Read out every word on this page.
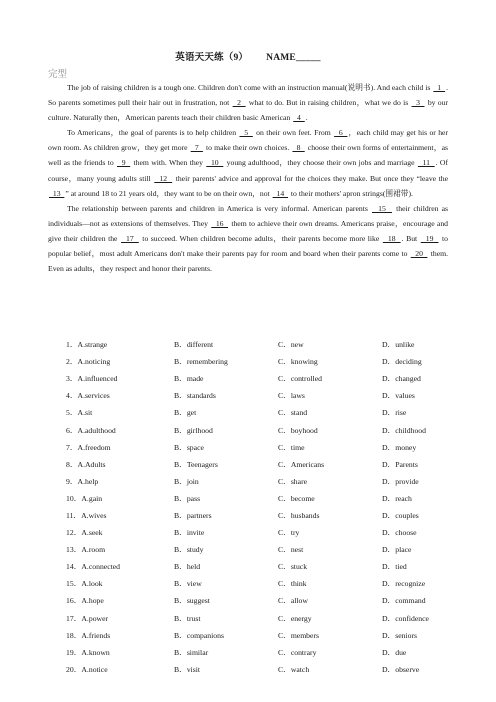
英语天天练（9） NAME_____
完型

The job of raising children is a tough one. Children don't come with an instruction manual(说明书). And each child is   1  . So parents sometimes pull their hair out in frustration, not   2   what to do. But in raising children，what we do is   3   by our culture. Naturally then，American parents teach their children basic American   4  .

To Americans，the goal of parents is to help children   5   on their own feet. From   6  ，each child may get his or her own room. As children grow，they get more   7   to make their own choices.   8   choose their own forms of entertainment，as well as the friends to   9   them with. When they   10   young adulthood，they choose their own jobs and marriage   11  . Of course，many young adults still   12   their parents' advice and approval for the choices they make. But once they “leave the   13  ” at around 18 to 21 years old，they want to be on their own，not   14   to their mothers' apron strings(围裙带).

The relationship between parents and children in America is very informal. American parents   15   their children as individuals—not as extensions of themselves. They   16   them to achieve their own dreams. Americans praise，encourage and give their children the   17   to succeed. When children become adults，their parents become more like   18  . But   19   to popular belief，most adult Americans don't make their parents pay for room and board when their parents come to   20   them. Even as adults，they respect and honor their parents.

1．A.strange	B．different	C．new	D．unlike
2．A.noticing	B．remembering	C．knowing	D．deciding
3．A.influenced	B．made	C．controlled	D．changed
4．A.services	B．standards	C．laws	D．values
5．A.sit	B．get	C．stand	D．rise
6．A.adulthood	B．girlhood	C．boyhood	D．childhood
7．A.freedom	B．space	C．time	D．money
8．A.Adults	B．Teenagers	C．Americans	D．Parents
9．A.help	B．join	C．share	D．provide
10．A.gain	B．pass	C．become	D．reach
11．A.wives	B．partners	C．husbands	D．couples
12．A.seek	B．invite	C．try	D．choose
13．A.room	B．study	C．nest	D．place
14．A.connected	B．held	C．stuck	D．tied
15．A.look	B．view	C．think	D．recognize
16．A.hope	B．suggest	C．allow	D．command
17．A.power	B．trust	C．energy	D．confidence
18．A.friends	B．companions	C．members	D．seniors
19．A.known	B．similar	C．contrary	D．due
20．A.notice	B．visit	C．watch	D．observe
